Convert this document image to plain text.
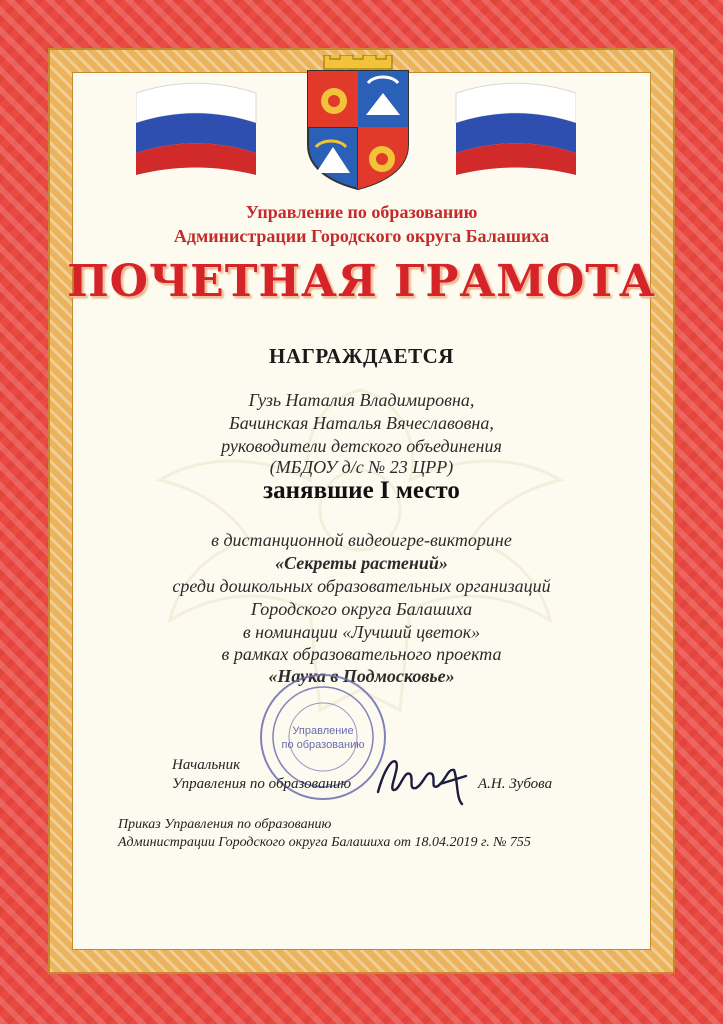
Управление по образованию
Администрации Городского округа Балашиха
ПОЧЕТНАЯ ГРАМОТА
НАГРАЖДАЕТСЯ
Гузь Наталия Владимировна,
Бачинская Наталья Вячеславовна,
руководители детского объединения
(МБДОУ д/с № 23 ЦРР)
занявшие I место
в дистанционной видеоигре-викторине
«Секреты растений»
среди дошкольных образовательных организаций
Городского округа Балашиха
в номинации «Лучший цветок»
в рамках образовательного проекта
«Наука в Подмосковье»
Управление
по образованию
Начальник
Управления по образованию	А.Н. Зубова
Приказ Управления по образованию
Администрации Городского округа Балашиха от 18.04.2019 г. № 755
